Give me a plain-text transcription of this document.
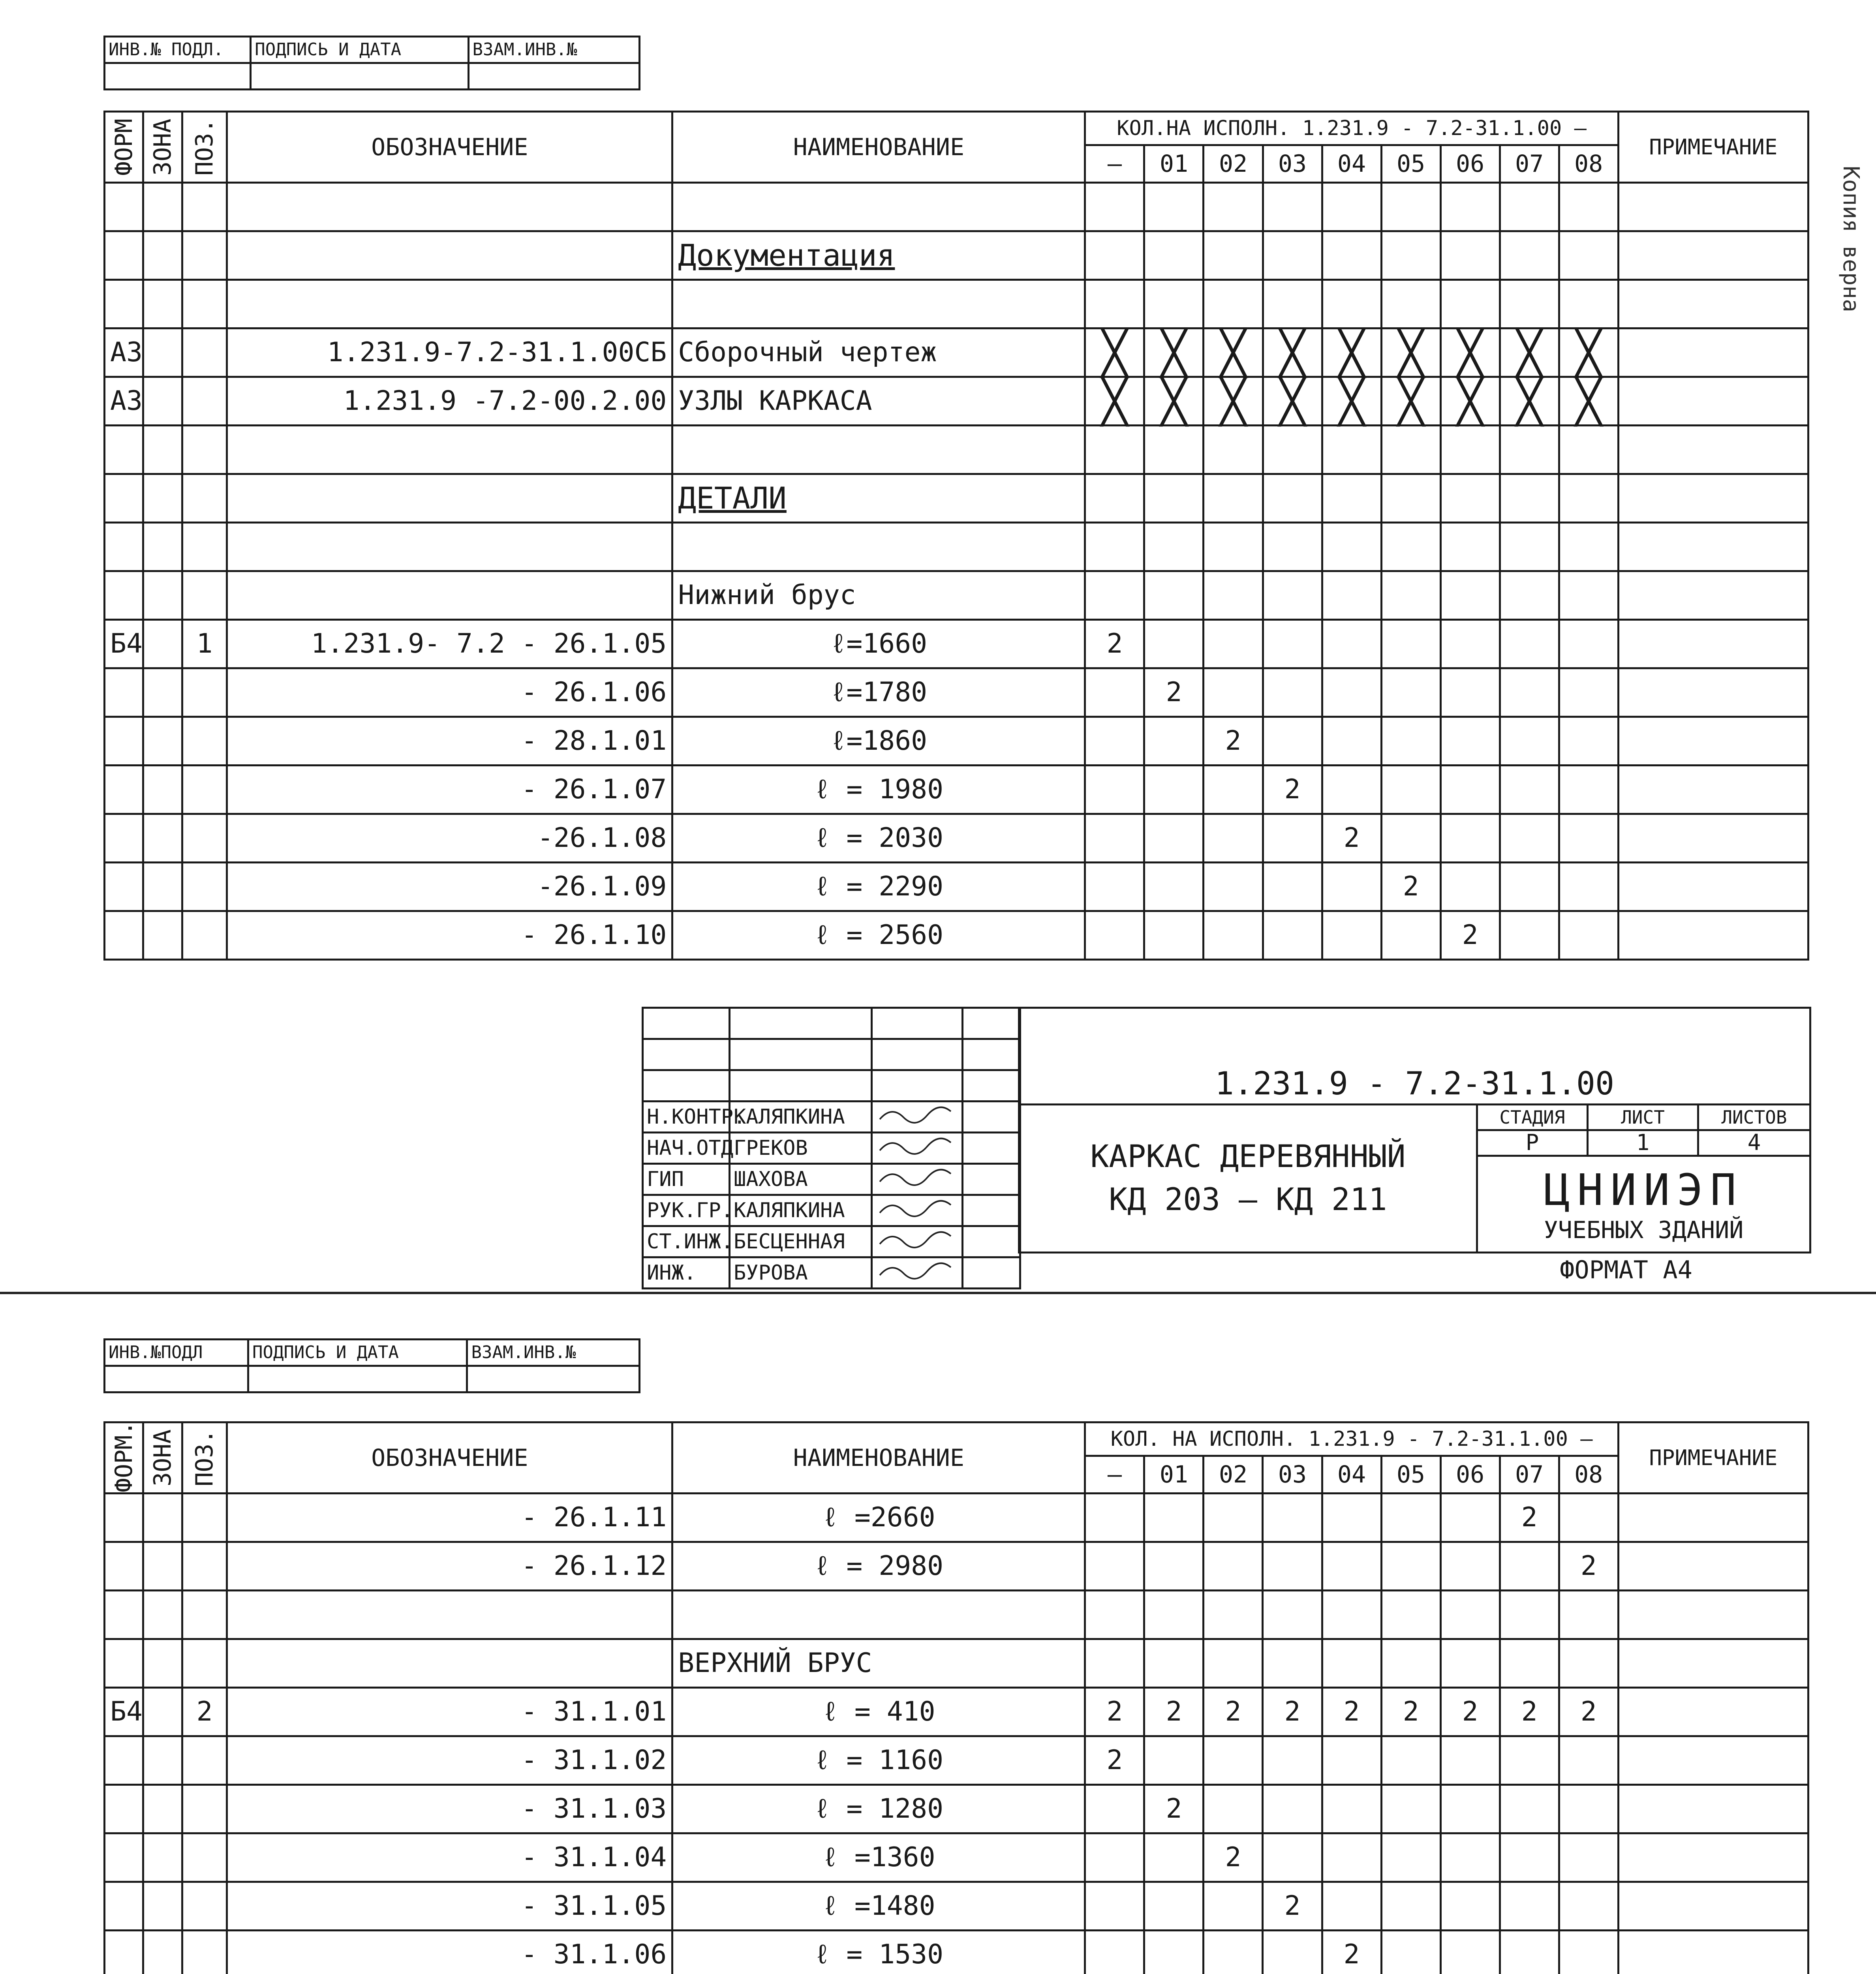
ИНВ.№ ПОДЛ.	ПОДПИСЬ И ДАТА	ВЗАМ.ИНВ.№

ФОРМ	ЗОНА	ПОЗ.	ОБОЗНАЧЕНИЕ	НАИМЕНОВАНИЕ	КОЛ.НА ИСПОЛН. 1.231.9 - 7.2-31.1.00 —									ПРИМЕЧАНИЕ
					—	01	02	03	04	05	06	07	08	

				Документация										

А3			1.231.9-7.2-31.1.00СБ	Сборочный чертеж	╳	╳	╳	╳	╳	╳	╳	╳	╳	
А3			1.231.9 -7.2-00.2.00	УЗЛЫ КАРКАСА	╳	╳	╳	╳	╳	╳	╳	╳	╳	

				ДЕТАЛИ										

				Нижний брус										
Б4		1	1.231.9- 7.2 - 26.1.05	ℓ=1660	2									
			- 26.1.06	ℓ=1780		2								
			- 28.1.01	ℓ=1860			2							
			- 26.1.07	ℓ = 1980				2						
			-26.1.08	ℓ = 2030					2					
			-26.1.09	ℓ = 2290						2				
			- 26.1.10	ℓ = 2560							2			

Н.КОНТР.	КАЛЯПКИНА		
НАЧ.ОТД	ГРЕКОВ		
ГИП	ШАХОВА		
РУК.ГР.	КАЛЯПКИНА		
СТ.ИНЖ.	БЕСЦЕННАЯ		
ИНЖ.	БУРОВА		

1.231.9 - 7.2-31.1.00			

КАРКАС ДЕРЕВЯННЫЙ
КД 203 — КД 211	СТАДИЯ	ЛИСТ	ЛИСТОВ
	Р	1	4

	ЦНИИЭП
УЧЕБНЫХ ЗДАНИЙ		
ФОРМАТ А4
Копия верна
ИНВ.№ПОДЛ	ПОДПИСЬ И ДАТА	ВЗАМ.ИНВ.№

ФОРМ.	ЗОНА	ПОЗ.	ОБОЗНАЧЕНИЕ	НАИМЕНОВАНИЕ	КОЛ. НА ИСПОЛН. 1.231.9 - 7.2-31.1.00 —									ПРИМЕЧАНИЕ
					—	01	02	03	04	05	06	07	08	
			- 26.1.11	ℓ =2660								2		
			- 26.1.12	ℓ = 2980									2	

				ВЕРХНИЙ БРУС										
Б4		2	- 31.1.01	ℓ = 410	2	2	2	2	2	2	2	2	2	
			- 31.1.02	ℓ = 1160	2									
			- 31.1.03	ℓ = 1280		2								
			- 31.1.04	ℓ =1360			2							
			- 31.1.05	ℓ =1480				2						
			- 31.1.06	ℓ = 1530					2					
